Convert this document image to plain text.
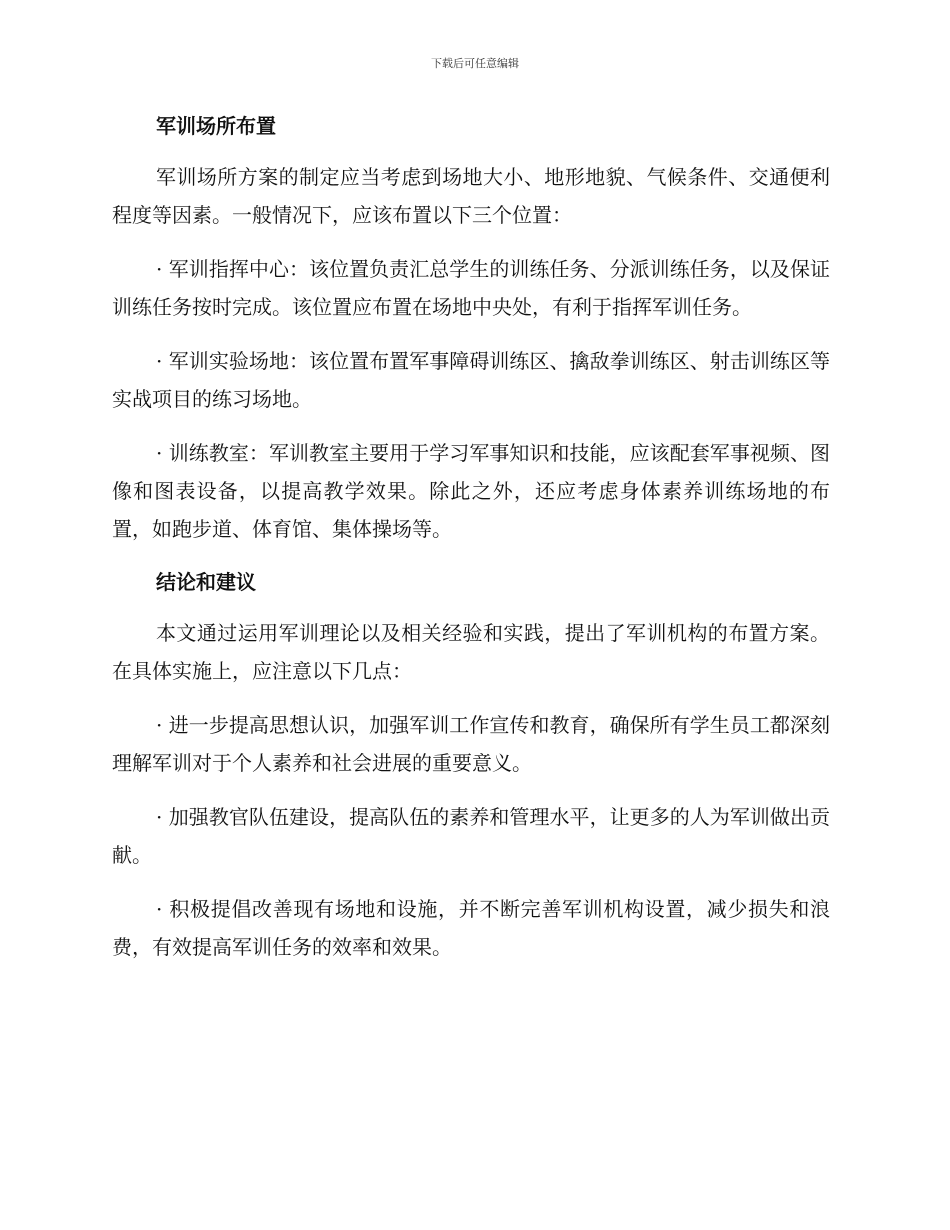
下载后可任意编辑
军训场所布置

军训场所方案的制定应当考虑到场地大小、地形地貌、气候条件、交通便利程度等因素。一般情况下，应该布置以下三个位置：

· 军训指挥中心：该位置负责汇总学生的训练任务、分派训练任务，以及保证训练任务按时完成。该位置应布置在场地中央处，有利于指挥军训任务。

· 军训实验场地：该位置布置军事障碍训练区、擒敌拳训练区、射击训练区等实战项目的练习场地。

· 训练教室：军训教室主要用于学习军事知识和技能，应该配套军事视频、图像和图表设备，以提高教学效果。除此之外，还应考虑身体素养训练场地的布置，如跑步道、体育馆、集体操场等。

结论和建议

本文通过运用军训理论以及相关经验和实践，提出了军训机构的布置方案。在具体实施上，应注意以下几点：

· 进一步提高思想认识，加强军训工作宣传和教育，确保所有学生员工都深刻理解军训对于个人素养和社会进展的重要意义。

· 加强教官队伍建设，提高队伍的素养和管理水平，让更多的人为军训做出贡献。

· 积极提倡改善现有场地和设施，并不断完善军训机构设置，减少损失和浪费，有效提高军训任务的效率和效果。
